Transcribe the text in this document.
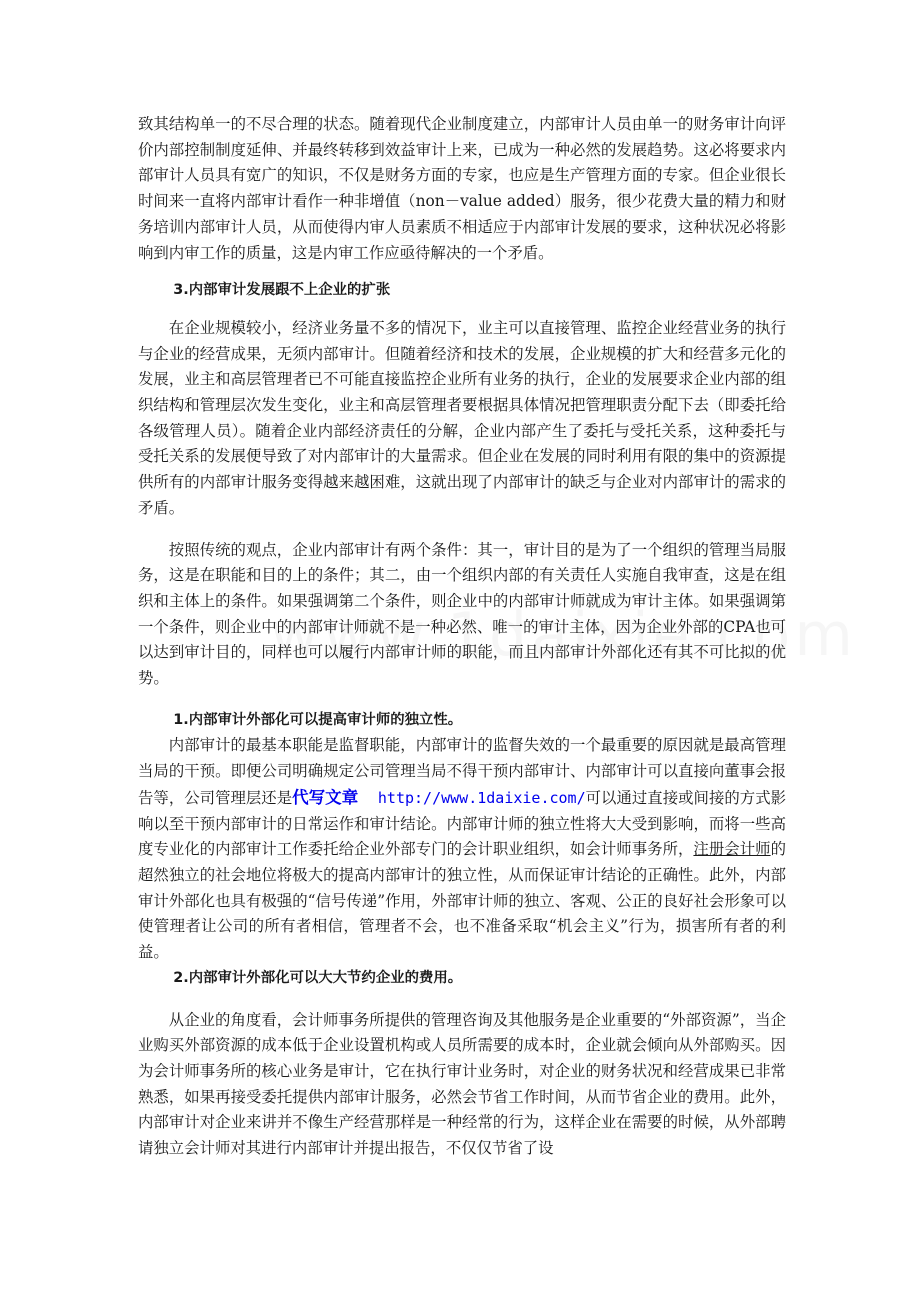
致其结构单一的不尽合理的状态。随着现代企业制度建立，内部审计人员由单一的财务审计向评价内部控制制度延伸、并最终转移到效益审计上来，已成为一种必然的发展趋势。这必将要求内部审计人员具有宽广的知识，不仅是财务方面的专家，也应是生产管理方面的专家。但企业很长时间来一直将内部审计看作一种非增值（non－value added）服务，很少花费大量的精力和财务培训内部审计人员，从而使得内审人员素质不相适应于内部审计发展的要求，这种状况必将影响到内审工作的质量，这是内审工作应亟待解决的一个矛盾。

3.内部审计发展跟不上企业的扩张

在企业规模较小，经济业务量不多的情况下，业主可以直接管理、监控企业经营业务的执行与企业的经营成果，无须内部审计。但随着经济和技术的发展，企业规模的扩大和经营多元化的发展，业主和高层管理者已不可能直接监控企业所有业务的执行，企业的发展要求企业内部的组织结构和管理层次发生变化，业主和高层管理者要根据具体情况把管理职责分配下去（即委托给各级管理人员）。随着企业内部经济责任的分解，企业内部产生了委托与受托关系，这种委托与受托关系的发展便导致了对内部审计的大量需求。但企业在发展的同时利用有限的集中的资源提供所有的内部审计服务变得越来越困难，这就出现了内部审计的缺乏与企业对内部审计的需求的矛盾。

按照传统的观点，企业内部审计有两个条件：其一，审计目的是为了一个组织的管理当局服务，这是在职能和目的上的条件；其二，由一个组织内部的有关责任人实施自我审查，这是在组织和主体上的条件。如果强调第二个条件，则企业中的内部审计师就成为审计主体。如果强调第一个条件，则企业中的内部审计师就不是一种必然、唯一的审计主体，因为企业外部的CPA也可以达到审计目的，同样也可以履行内部审计师的职能，而且内部审计外部化还有其不可比拟的优势。

1.内部审计外部化可以提高审计师的独立性。

内部审计的最基本职能是监督职能，内部审计的监督失效的一个最重要的原因就是最高管理当局的干预。即便公司明确规定公司管理当局不得干预内部审计、内部审计可以直接向董事会报告等，公司管理层还是代写文章 http://www.1daixie.com/可以通过直接或间接的方式影响以至干预内部审计的日常运作和审计结论。内部审计师的独立性将大大受到影响，而将一些高度专业化的内部审计工作委托给企业外部专门的会计职业组织，如会计师事务所，注册会计师的超然独立的社会地位将极大的提高内部审计的独立性，从而保证审计结论的正确性。此外，内部审计外部化也具有极强的“信号传递”作用，外部审计师的独立、客观、公正的良好社会形象可以使管理者让公司的所有者相信，管理者不会，也不准备采取“机会主义”行为，损害所有者的利益。

2.内部审计外部化可以大大节约企业的费用。

从企业的角度看，会计师事务所提供的管理咨询及其他服务是企业重要的“外部资源”，当企业购买外部资源的成本低于企业设置机构或人员所需要的成本时，企业就会倾向从外部购买。因为会计师事务所的核心业务是审计，它在执行审计业务时，对企业的财务状况和经营成果已非常熟悉，如果再接受委托提供内部审计服务，必然会节省工作时间，从而节省企业的费用。此外，内部审计对企业来讲并不像生产经营那样是一种经常的行为，这样企业在需要的时候，从外部聘请独立会计师对其进行内部审计并提出报告，不仅仅节省了设
